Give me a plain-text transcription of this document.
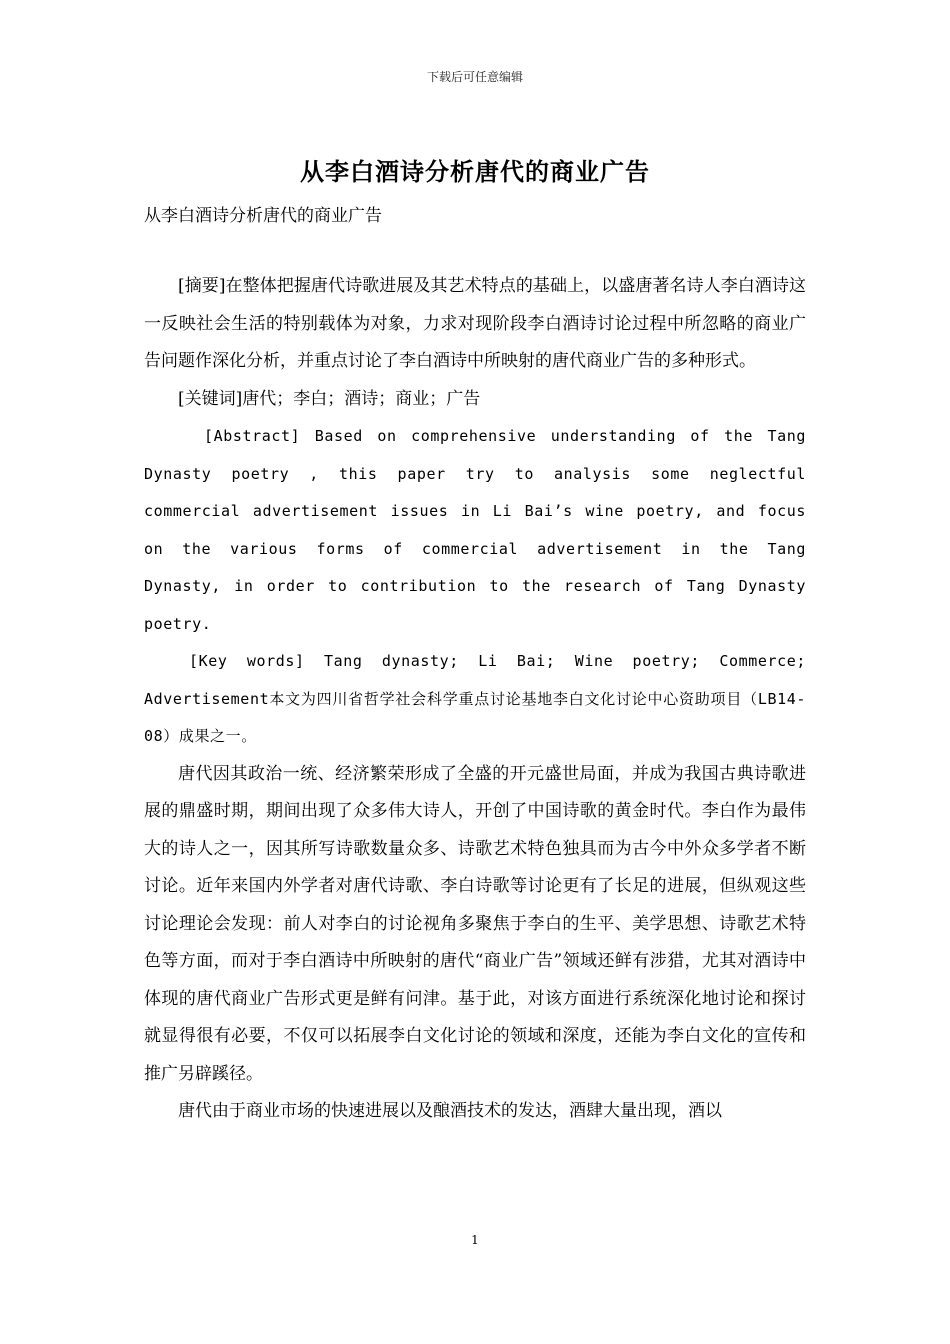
下载后可任意编辑
从李白酒诗分析唐代的商业广告
从李白酒诗分析唐代的商业广告

[摘要]在整体把握唐代诗歌进展及其艺术特点的基础上，以盛唐著名诗人李白酒诗这一反映社会生活的特别载体为对象，力求对现阶段李白酒诗讨论过程中所忽略的商业广告问题作深化分析，并重点讨论了李白酒诗中所映射的唐代商业广告的多种形式。

[关键词]唐代；李白；酒诗；商业；广告

[Abstract] Based on comprehensive understanding of the Tang Dynasty poetry , this paper try to analysis some neglectful commercial advertisement issues in Li Bai’s wine poetry, and focus on the various forms of commercial advertisement in the Tang Dynasty, in order to contribution to the research of Tang Dynasty poetry.

[Key words] Tang dynasty; Li Bai; Wine poetry; Commerce; Advertisement本文为四川省哲学社会科学重点讨论基地李白文化讨论中心资助项目（LB14-08）成果之一。

唐代因其政治一统、经济繁荣形成了全盛的开元盛世局面，并成为我国古典诗歌进展的鼎盛时期，期间出现了众多伟大诗人，开创了中国诗歌的黄金时代。李白作为最伟大的诗人之一，因其所写诗歌数量众多、诗歌艺术特色独具而为古今中外众多学者不断讨论。近年来国内外学者对唐代诗歌、李白诗歌等讨论更有了长足的进展，但纵观这些讨论理论会发现：前人对李白的讨论视角多聚焦于李白的生平、美学思想、诗歌艺术特色等方面，而对于李白酒诗中所映射的唐代“商业广告”领域还鲜有涉猎，尤其对酒诗中体现的唐代商业广告形式更是鲜有问津。基于此，对该方面进行系统深化地讨论和探讨就显得很有必要，不仅可以拓展李白文化讨论的领域和深度，还能为李白文化的宣传和推广另辟蹊径。

唐代由于商业市场的快速进展以及酿酒技术的发达，酒肆大量出现，酒以

1
